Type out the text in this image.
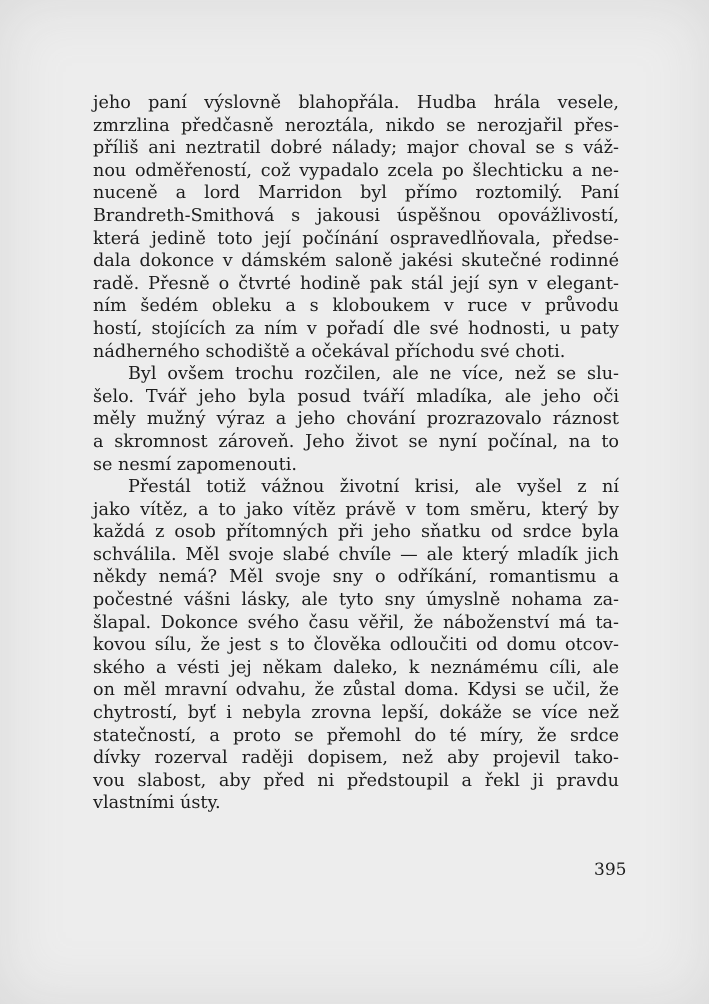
jeho paní výslovně blahopřála. Hudba hrála vesele,
zmrzlina předčasně neroztála, nikdo se nerozjařil přes-
příliš ani neztratil dobré nálady; major choval se s váž-
nou odměřeností, což vypadalo zcela po šlechticku a ne-
nuceně a lord Marridon byl přímo roztomilý. Paní
Brandreth-Smithová s jakousi úspěšnou opovážlivostí,
která jedině toto její počínání ospravedlňovala, předse-
dala dokonce v dámském saloně jakési skutečné rodinné
radě. Přesně o čtvrté hodině pak stál její syn v elegant-
ním šedém obleku a s kloboukem v ruce v průvodu
hostí, stojících za ním v pořadí dle své hodnosti, u paty
nádherného schodiště a očekával příchodu své choti.
Byl ovšem trochu rozčilen, ale ne více, než se slu-
šelo. Tvář jeho byla posud tváří mladíka, ale jeho oči
měly mužný výraz a jeho chování prozrazovalo ráznost
a skromnost zároveň. Jeho život se nyní počínal, na to
se nesmí zapomenouti.
Přestál totiž vážnou životní krisi, ale vyšel z ní
jako vítěz, a to jako vítěz právě v tom směru, který by
každá z osob přítomných při jeho sňatku od srdce byla
schválila. Měl svoje slabé chvíle — ale který mladík jich
někdy nemá? Měl svoje sny o odříkání, romantismu a
počestné vášni lásky, ale tyto sny úmyslně nohama za-
šlapal. Dokonce svého času věřil, že náboženství má ta-
kovou sílu, že jest s to člověka odloučiti od domu otcov-
ského a vésti jej někam daleko, k neznámému cíli, ale
on měl mravní odvahu, že zůstal doma. Kdysi se učil, že
chytrostí, byť i nebyla zrovna lepší, dokáže se více než
statečností, a proto se přemohl do té míry, že srdce
dívky rozerval raději dopisem, než aby projevil tako-
vou slabost, aby před ni předstoupil a řekl ji pravdu
vlastními ústy.
395
